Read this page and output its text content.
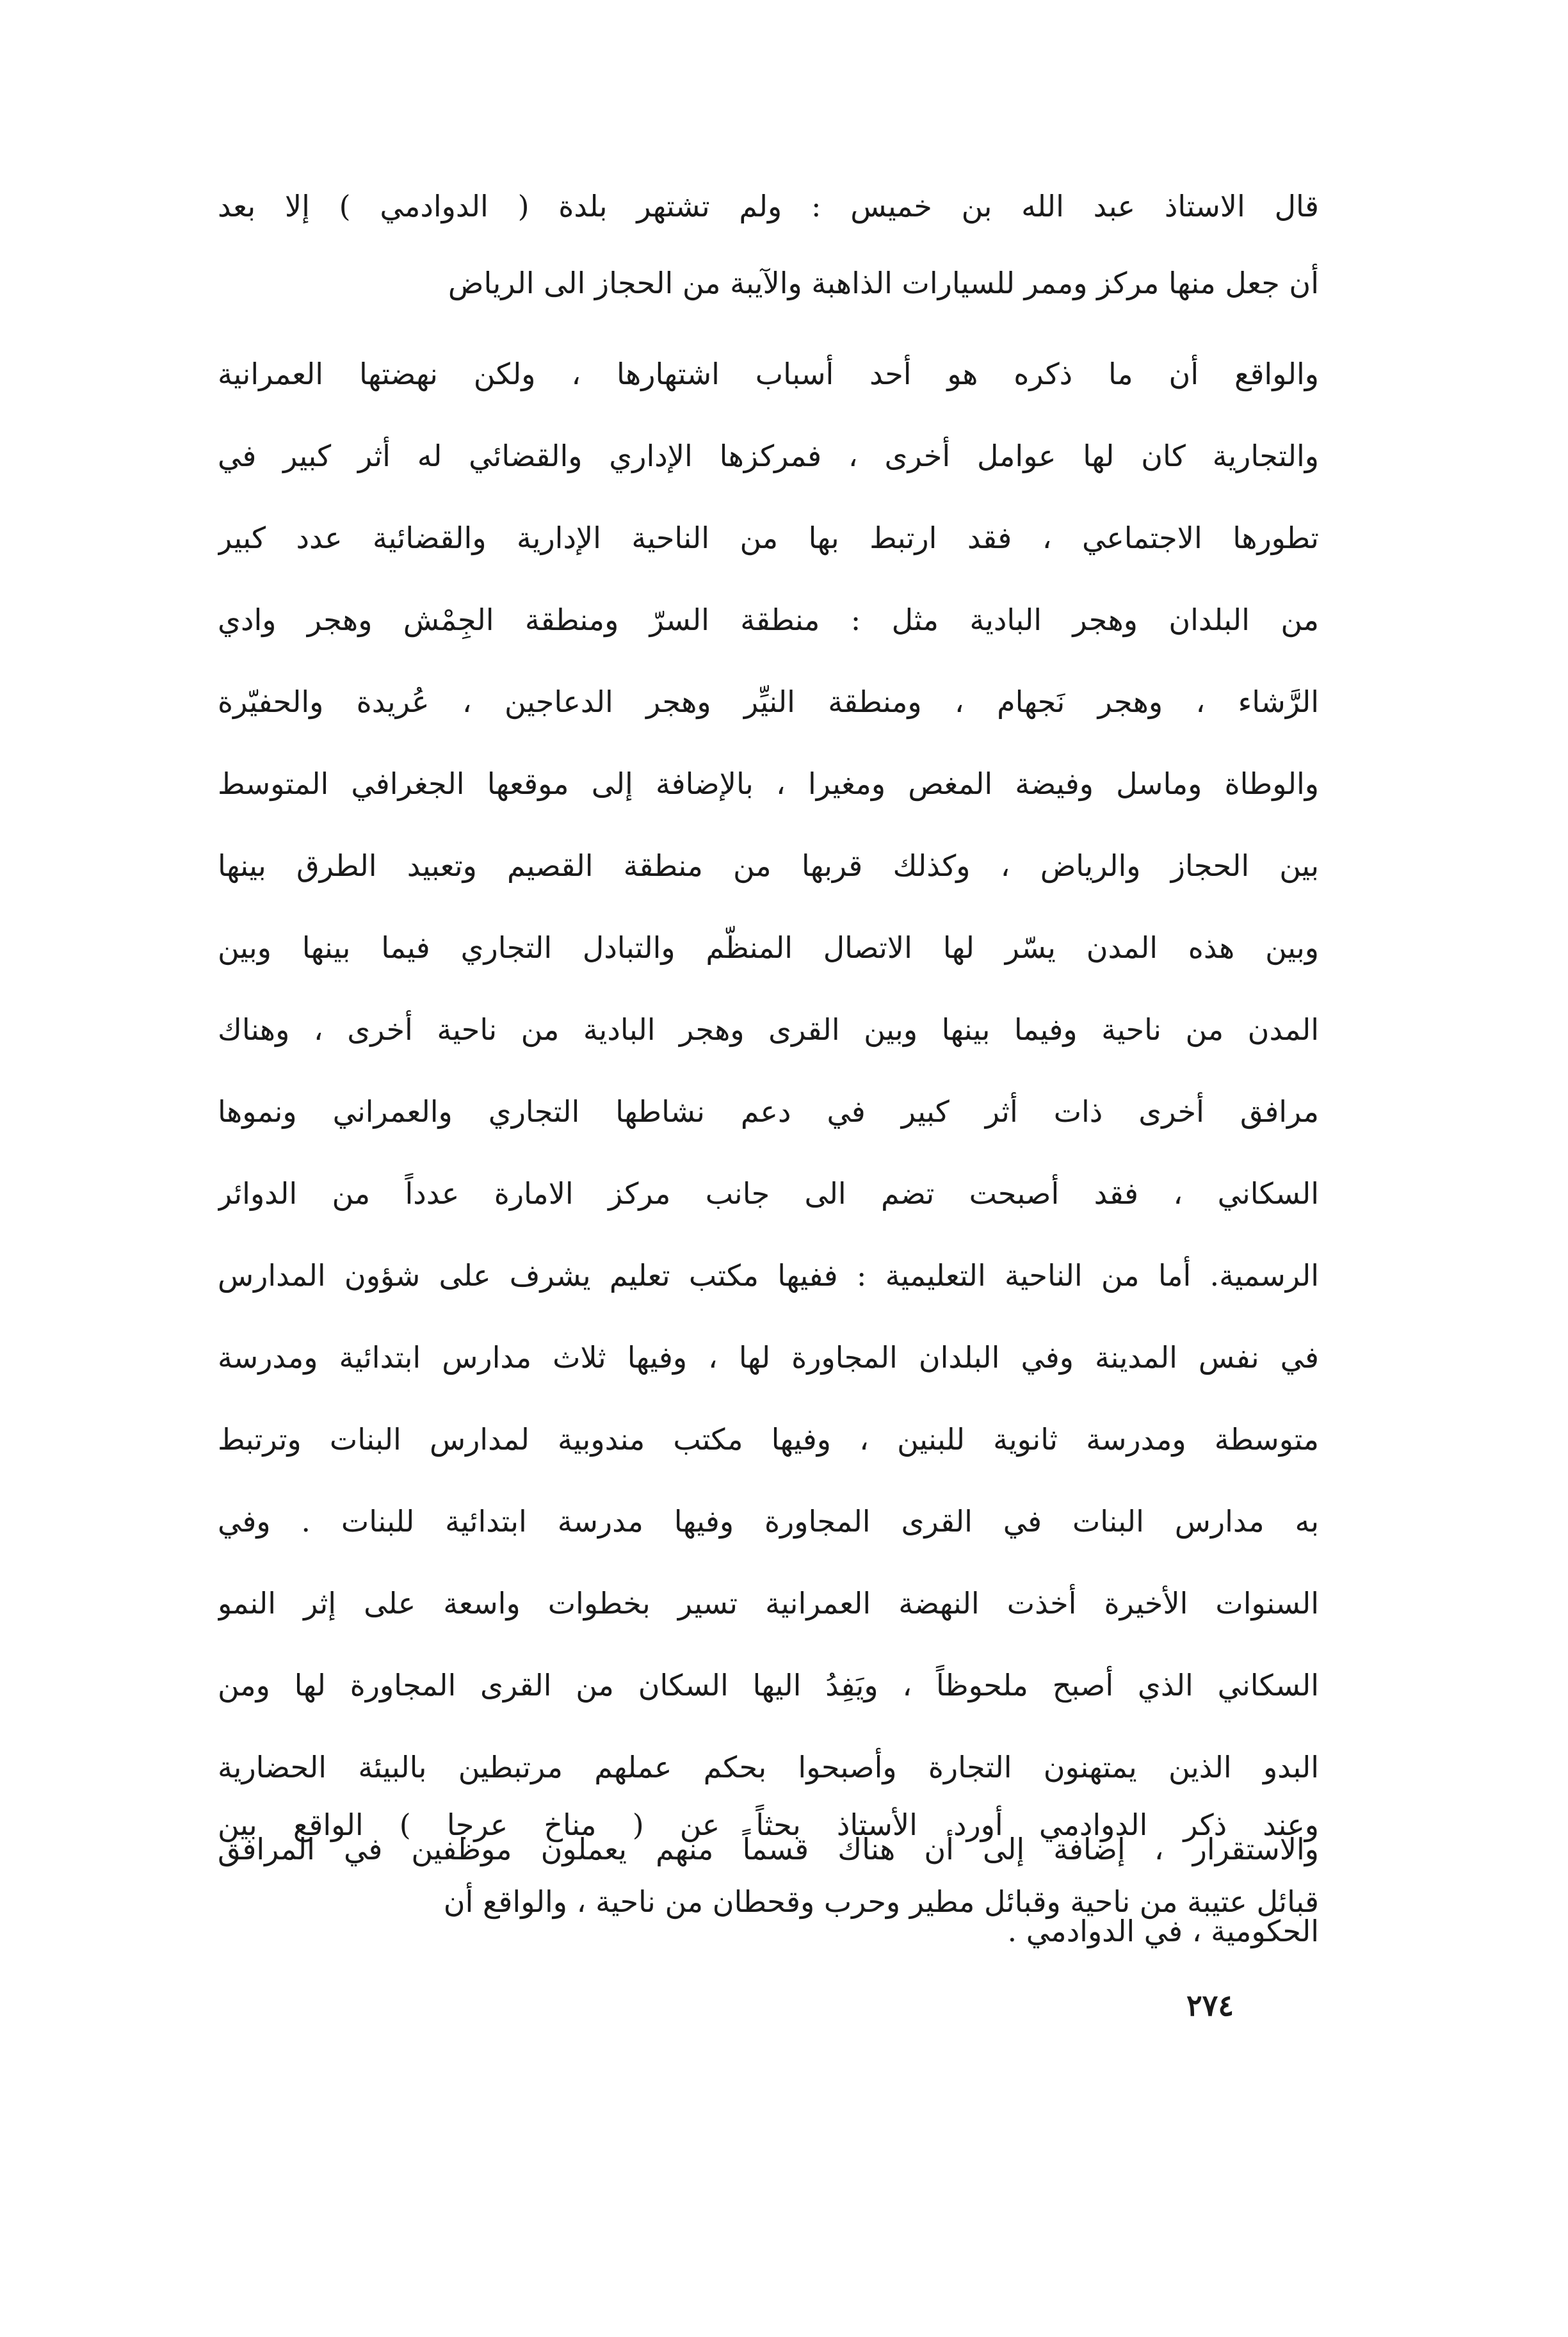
قال الاستاذ عبد الله بن خميس : ولم تشتهر بلدة ( الدوادمي ) إلا بعد
أن جعل منها مركز وممر للسيارات الذاهبة والآيبة من الحجاز الى الرياض
والواقع أن ما ذكره هو أحد أسباب اشتهارها ، ولكن نهضتها العمرانية
والتجارية كان لها عوامل أخرى ، فمركزها الإداري والقضائي له أثر كبير في
تطورها الاجتماعي ، فقد ارتبط بها من الناحية الإدارية والقضائية عدد كبير
من البلدان وهجر البادية مثل : منطقة السرّ ومنطقة الجِمْش وهجر وادي
الرَّشاء ، وهجر نَجهام ، ومنطقة النيِّر وهجر الدعاجين ، عُريدة والحفيّرة
والوطاة وماسل وفيضة المغص ومغيرا ، بالإضافة إلى موقعها الجغرافي المتوسط
بين الحجاز والرياض ، وكذلك قربها من منطقة القصيم وتعبيد الطرق بينها
وبين هذه المدن يسّر لها الاتصال المنظّم والتبادل التجاري فيما بينها وبين
المدن من ناحية وفيما بينها وبين القرى وهجر البادية من ناحية أخرى ، وهناك
مرافق أخرى ذات أثر كبير في دعم نشاطها التجاري والعمراني ونموها
السكاني ، فقد أصبحت تضم الى جانب مركز الامارة عدداً من الدوائر
الرسمية. أما من الناحية التعليمية : ففيها مكتب تعليم يشرف على شؤون المدارس
في نفس المدينة وفي البلدان المجاورة لها ، وفيها ثلاث مدارس ابتدائية ومدرسة
متوسطة ومدرسة ثانوية للبنين ، وفيها مكتب مندوبية لمدارس البنات وترتبط
به مدارس البنات في القرى المجاورة وفيها مدرسة ابتدائية للبنات . وفي
السنوات الأخيرة أخذت النهضة العمرانية تسير بخطوات واسعة على إثر النمو
السكاني الذي أصبح ملحوظاً ، ويَفِدُ اليها السكان من القرى المجاورة لها ومن
البدو الذين يمتهنون التجارة وأصبحوا بحكم عملهم مرتبطين بالبيئة الحضارية
والاستقرار ، إضافة إلى أن هناك قسماً منهم يعملون موظفين في المرافق
الحكومية ، في الدوادمي .
وعند ذكر الدوادمي أورد الأستاذ بحثاً عن ( مناخ عرجا ) الواقع بين
قبائل عتيبة من ناحية وقبائل مطير وحرب وقحطان من ناحية ، والواقع أن
٢٧٤
